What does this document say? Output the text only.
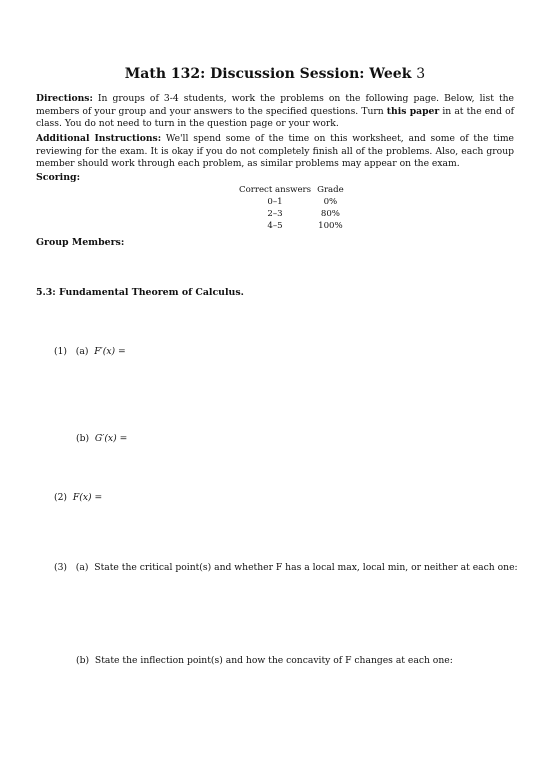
Math 132: Discussion Session: Week 3
Directions: In groups of 3-4 students, work the problems on the following page. Below, list the members of your group and your answers to the specified questions. Turn this paper in at the end of class. You do not need to turn in the question page or your work.
Additional Instructions: We'll spend some of the time on this worksheet, and some of the time reviewing for the exam. It is okay if you do not completely finish all of the problems. Also, each group member should work through each problem, as similar problems may appear on the exam.
Scoring:
Correct answers	Grade
0–1	0%
2–3	80%
4–5	100%
Group Members:
5.3: Fundamental Theorem of Calculus.
(1) (a) F′(x) =
(b) G′(x) =
(2) F(x) =
(3) (a) State the critical point(s) and whether F has a local max, local min, or neither at each one:
(b) State the inflection point(s) and how the concavity of F changes at each one:
